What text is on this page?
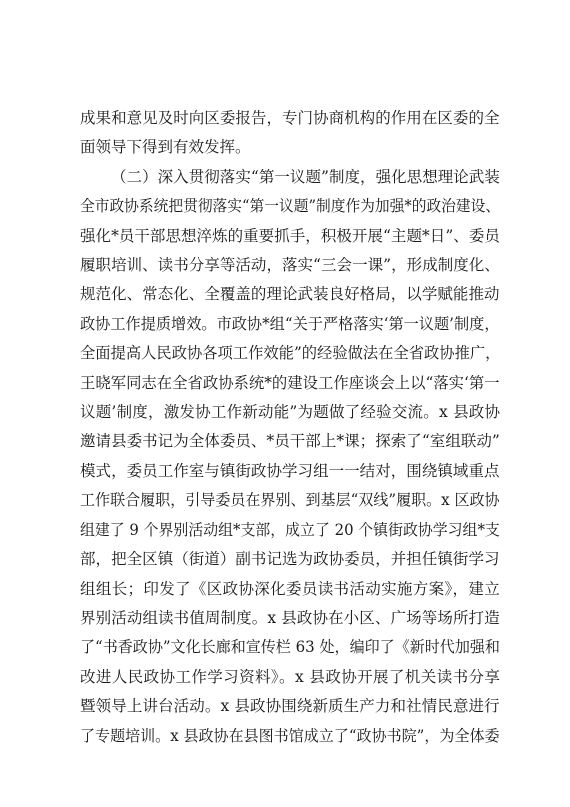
成果和意见及时向区委报告，专门协商机构的作用在区委的全
面领导下得到有效发挥。
（二）深入贯彻落实“第一议题”制度，强化思想理论武装
全市政协系统把贯彻落实“第一议题”制度作为加强*的政治建设、
强化*员干部思想淬炼的重要抓手，积极开展“主题*日”、委员
履职培训、读书分享等活动，落实“三会一课”，形成制度化、
规范化、常态化、全覆盖的理论武装良好格局，以学赋能推动
政协工作提质增效。市政协*组“关于严格落实‘第一议题’制度，
全面提高人民政协各项工作效能”的经验做法在全省政协推广，
王晓军同志在全省政协系统*的建设工作座谈会上以“落实‘第一
议题’制度，激发协工作新动能”为题做了经验交流。x 县政协
邀请县委书记为全体委员、*员干部上*课；探索了“室组联动”
模式，委员工作室与镇街政协学习组一一结对，围绕镇域重点
工作联合履职，引导委员在界别、到基层“双线”履职。x 区政协
组建了 9 个界别活动组*支部，成立了 20 个镇街政协学习组*支
部，把全区镇（街道）副书记选为政协委员，并担任镇街学习
组组长；印发了《区政协深化委员读书活动实施方案》，建立
界别活动组读书值周制度。x 县政协在小区、广场等场所打造
了“书香政协”文化长廊和宣传栏 63 处，编印了《新时代加强和
改进人民政协工作学习资料》。x 县政协开展了机关读书分享
暨领导上讲台活动。x 县政协围绕新质生产力和社情民意进行
了专题培训。x 县政协在县图书馆成立了“政协书院”，为全体委
